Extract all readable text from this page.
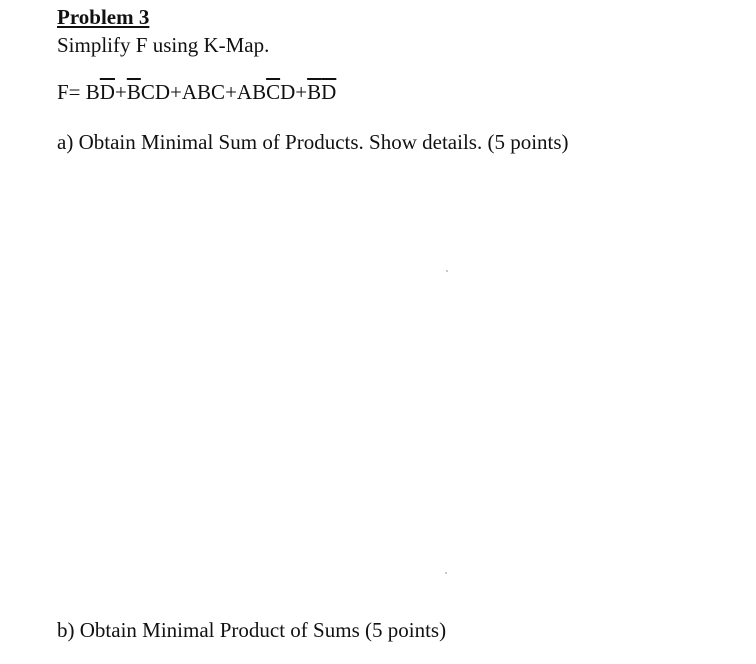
Problem 3
Simplify F using K-Map.
$F= B\overline{D}+\overline{B}CD+ABC+AB\overline{C}D+\overline{B}\overline{D}$
a) Obtain Minimal Sum of Products. Show details. (5 points)
b) Obtain Minimal Product of Sums (5 points)
